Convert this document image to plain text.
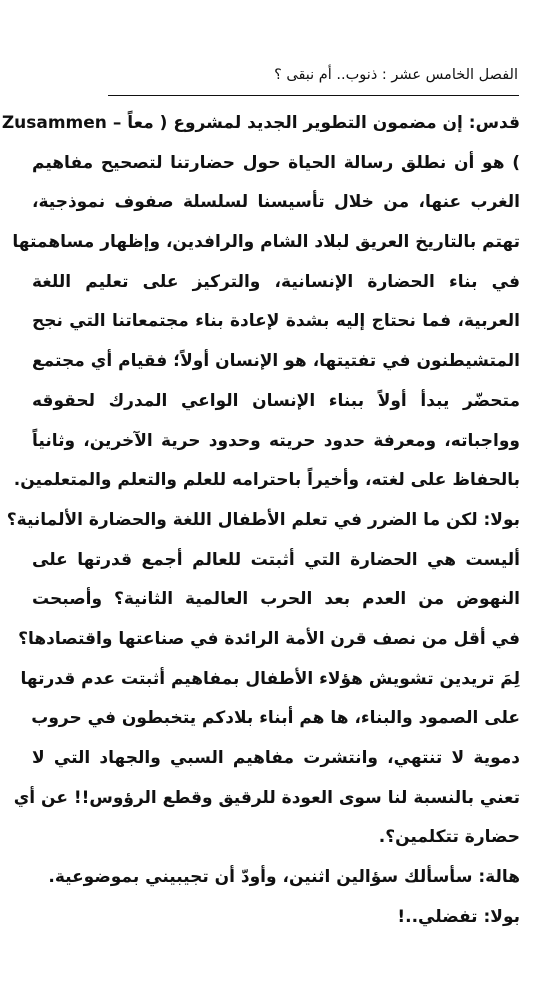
الفصل الخامس عشر : ذنوب.. أم نبقى ؟
قدس: إن مضمون التطوير الجديد لمشروع ( معاً – Zusammen
) هو أن نطلق رسالة الحياة حول حضارتنا لتصحيح مفاهيم
الغرب عنها، من خلال تأسيسنا لسلسلة صفوف نموذجية،
تهتم بالتاريخ العريق لبلاد الشام والرافدين، وإظهار مساهمتها
في بناء الحضارة الإنسانية، والتركيز على تعليم اللغة
العربية، فما نحتاج إليه بشدة لإعادة بناء مجتمعاتنا التي نجح
المتشيطنون في تفتيتها، هو الإنسان أولاً؛ فقيام أي مجتمع
متحضّر يبدأ أولاً ببناء الإنسان الواعي المدرك لحقوقه
وواجباته، ومعرفة حدود حريته وحدود حرية الآخرين، وثانياً
بالحفاظ على لغته، وأخيراً باحترامه للعلم والتعلم والمتعلمين.
بولا: لكن ما الضرر في تعلم الأطفال اللغة والحضارة الألمانية؟
أليست هي الحضارة التي أثبتت للعالم أجمع قدرتها على
النهوض من العدم بعد الحرب العالمية الثانية؟ وأصبحت
في أقل من نصف قرن الأمة الرائدة في صناعتها واقتصادها؟
لِمَ تريدين تشويش هؤلاء الأطفال بمفاهيم أثبتت عدم قدرتها
على الصمود والبناء، ها هم أبناء بلادكم يتخبطون في حروب
دموية لا تنتهي، وانتشرت مفاهيم السبي والجهاد التي لا
تعني بالنسبة لنا سوى العودة للرقيق وقطع الرؤوس!! عن أي
حضارة تتكلمين؟.
هالة: سأسألك سؤالين اثنين، وأودّ أن تجيبيني بموضوعية.
بولا: تفضلي..!
